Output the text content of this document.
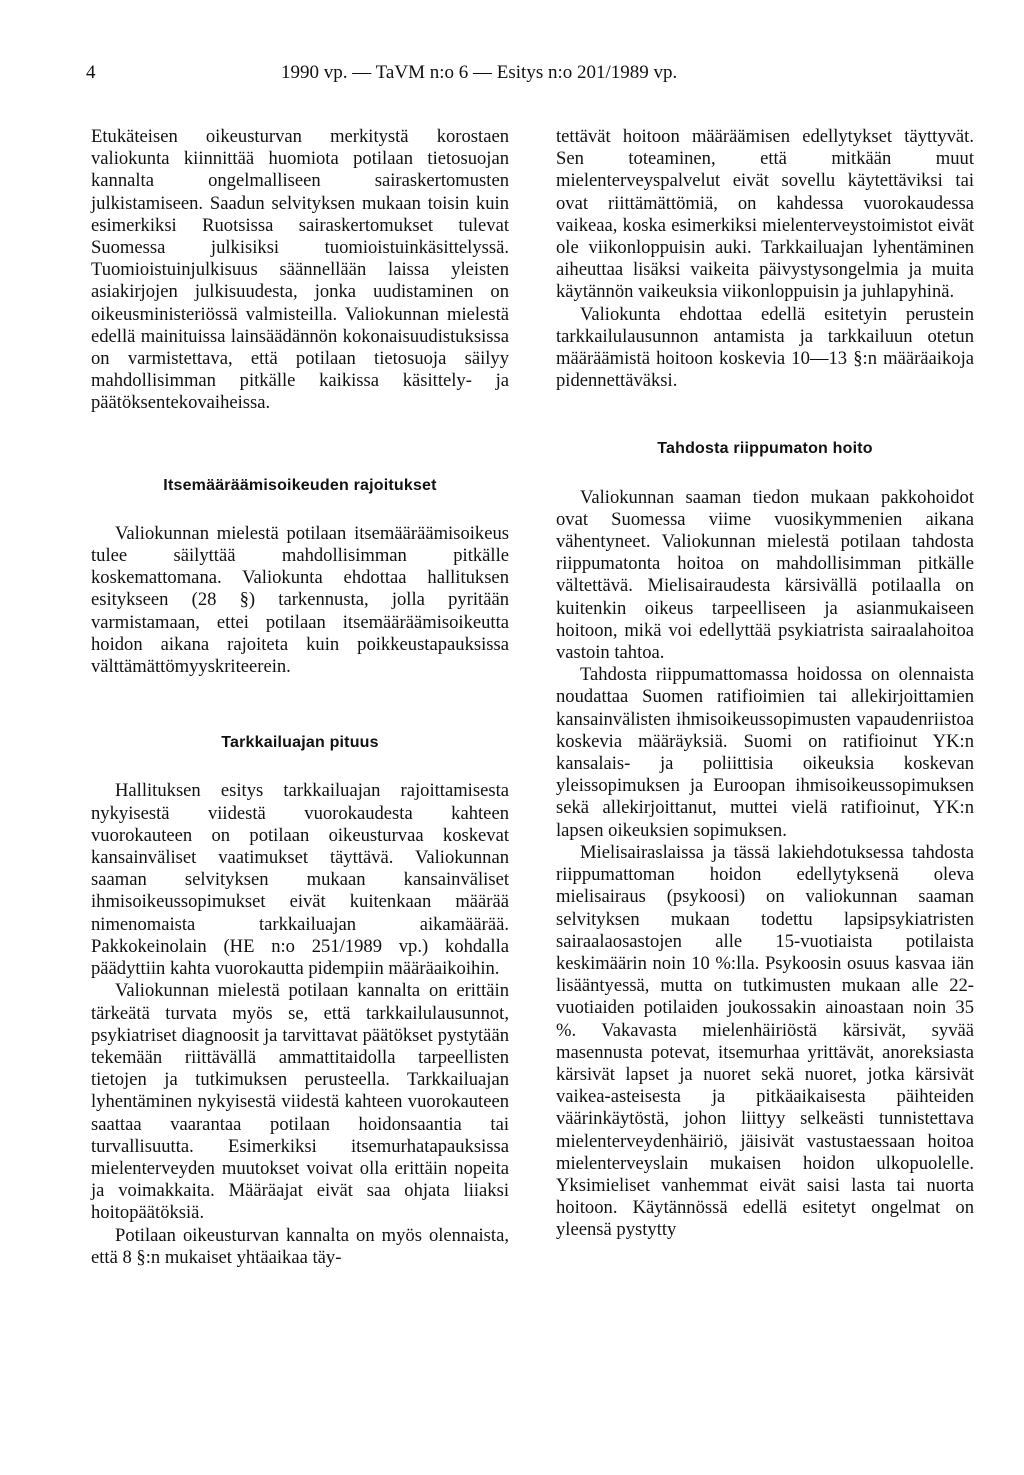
4	1990 vp. — TaVM n:o 6 — Esitys n:o 201/1989 vp.

Etukäteisen oikeusturvan merkitystä korostaen valiokunta kiinnittää huomiota potilaan tietosuojan kannalta ongelmalliseen sairaskertomusten julkistamiseen. Saadun selvityksen mukaan toisin kuin esimerkiksi Ruotsissa sairaskertomukset tulevat Suomessa julkisiksi tuomioistuinkäsittelyssä. Tuomioistuinjulkisuus säännellään laissa yleisten asiakirjojen julkisuudesta, jonka uudistaminen on oikeusministeriössä valmisteilla. Valiokunnan mielestä edellä mainituissa lainsäädännön kokonaisuudistuksissa on varmistettava, että potilaan tietosuoja säilyy mahdollisimman pitkälle kaikissa käsittely- ja päätöksentekovaiheissa.

Itsemääräämisoikeuden rajoitukset

Valiokunnan mielestä potilaan itsemääräämisoikeus tulee säilyttää mahdollisimman pitkälle koskemattomana. Valiokunta ehdottaa hallituksen esitykseen (28 §) tarkennusta, jolla pyritään varmistamaan, ettei potilaan itsemääräämisoikeutta hoidon aikana rajoiteta kuin poikkeustapauksissa välttämättömyyskriteerein.

Tarkkailuajan pituus

Hallituksen esitys tarkkailuajan rajoittamisesta nykyisestä viidestä vuorokaudesta kahteen vuorokauteen on potilaan oikeusturvaa koskevat kansainväliset vaatimukset täyttävä. Valiokunnan saaman selvityksen mukaan kansainväliset ihmisoikeussopimukset eivät kuitenkaan määrää nimenomaista tarkkailuajan aikamäärää. Pakkokeinolain (HE n:o 251/1989 vp.) kohdalla päädyttiin kahta vuorokautta pidempiin määräaikoihin.

Valiokunnan mielestä potilaan kannalta on erittäin tärkeätä turvata myös se, että tarkkailulausunnot, psykiatriset diagnoosit ja tarvittavat päätökset pystytään tekemään riittävällä ammattitaidolla tarpeellisten tietojen ja tutkimuksen perusteella. Tarkkailuajan lyhentäminen nykyisestä viidestä kahteen vuorokauteen saattaa vaarantaa potilaan hoidonsaantia tai turvallisuutta. Esimerkiksi itsemurhatapauksissa mielenterveyden muutokset voivat olla erittäin nopeita ja voimakkaita. Määräajat eivät saa ohjata liiaksi hoitopäätöksiä.

Potilaan oikeusturvan kannalta on myös olennaista, että 8 §:n mukaiset yhtäaikaa täy-

tettävät hoitoon määräämisen edellytykset täyttyvät. Sen toteaminen, että mitkään muut mielenterveyspalvelut eivät sovellu käytettäviksi tai ovat riittämättömiä, on kahdessa vuorokaudessa vaikeaa, koska esimerkiksi mielenterveystoimistot eivät ole viikonloppuisin auki. Tarkkailuajan lyhentäminen aiheuttaa lisäksi vaikeita päivystysongelmia ja muita käytännön vaikeuksia viikonloppuisin ja juhlapyhinä.

Valiokunta ehdottaa edellä esitetyin perustein tarkkailulausunnon antamista ja tarkkailuun otetun määräämistä hoitoon koskevia 10—13 §:n määräaikoja pidennettäväksi.

Tahdosta riippumaton hoito

Valiokunnan saaman tiedon mukaan pakkohoidot ovat Suomessa viime vuosikymmenien aikana vähentyneet. Valiokunnan mielestä potilaan tahdosta riippumatonta hoitoa on mahdollisimman pitkälle vältettävä. Mielisairaudesta kärsivällä potilaalla on kuitenkin oikeus tarpeelliseen ja asianmukaiseen hoitoon, mikä voi edellyttää psykiatrista sairaalahoitoa vastoin tahtoa.

Tahdosta riippumattomassa hoidossa on olennaista noudattaa Suomen ratifioimien tai allekirjoittamien kansainvälisten ihmisoikeussopimusten vapaudenriistoa koskevia määräyksiä. Suomi on ratifioinut YK:n kansalais- ja poliittisia oikeuksia koskevan yleissopimuksen ja Euroopan ihmisoikeussopimuksen sekä allekirjoittanut, muttei vielä ratifioinut, YK:n lapsen oikeuksien sopimuksen.

Mielisairaslaissa ja tässä lakiehdotuksessa tahdosta riippumattoman hoidon edellytyksenä oleva mielisairaus (psykoosi) on valiokunnan saaman selvityksen mukaan todettu lapsipsykiatristen sairaalaosastojen alle 15-vuotiaista potilaista keskimäärin noin 10 %:lla. Psykoosin osuus kasvaa iän lisääntyessä, mutta on tutkimusten mukaan alle 22-vuotiaiden potilaiden joukossakin ainoastaan noin 35 %. Vakavasta mielenhäiriöstä kärsivät, syvää masennusta potevat, itsemurhaa yrittävät, anoreksiasta kärsivät lapset ja nuoret sekä nuoret, jotka kärsivät vaikea-asteisesta ja pitkäaikaisesta päihteiden väärinkäytöstä, johon liittyy selkeästi tunnistettava mielenterveydenhäiriö, jäisivät vastustaessaan hoitoa mielenterveyslain mukaisen hoidon ulkopuolelle. Yksimieliset vanhemmat eivät saisi lasta tai nuorta hoitoon. Käytännössä edellä esitetyt ongelmat on yleensä pystytty
